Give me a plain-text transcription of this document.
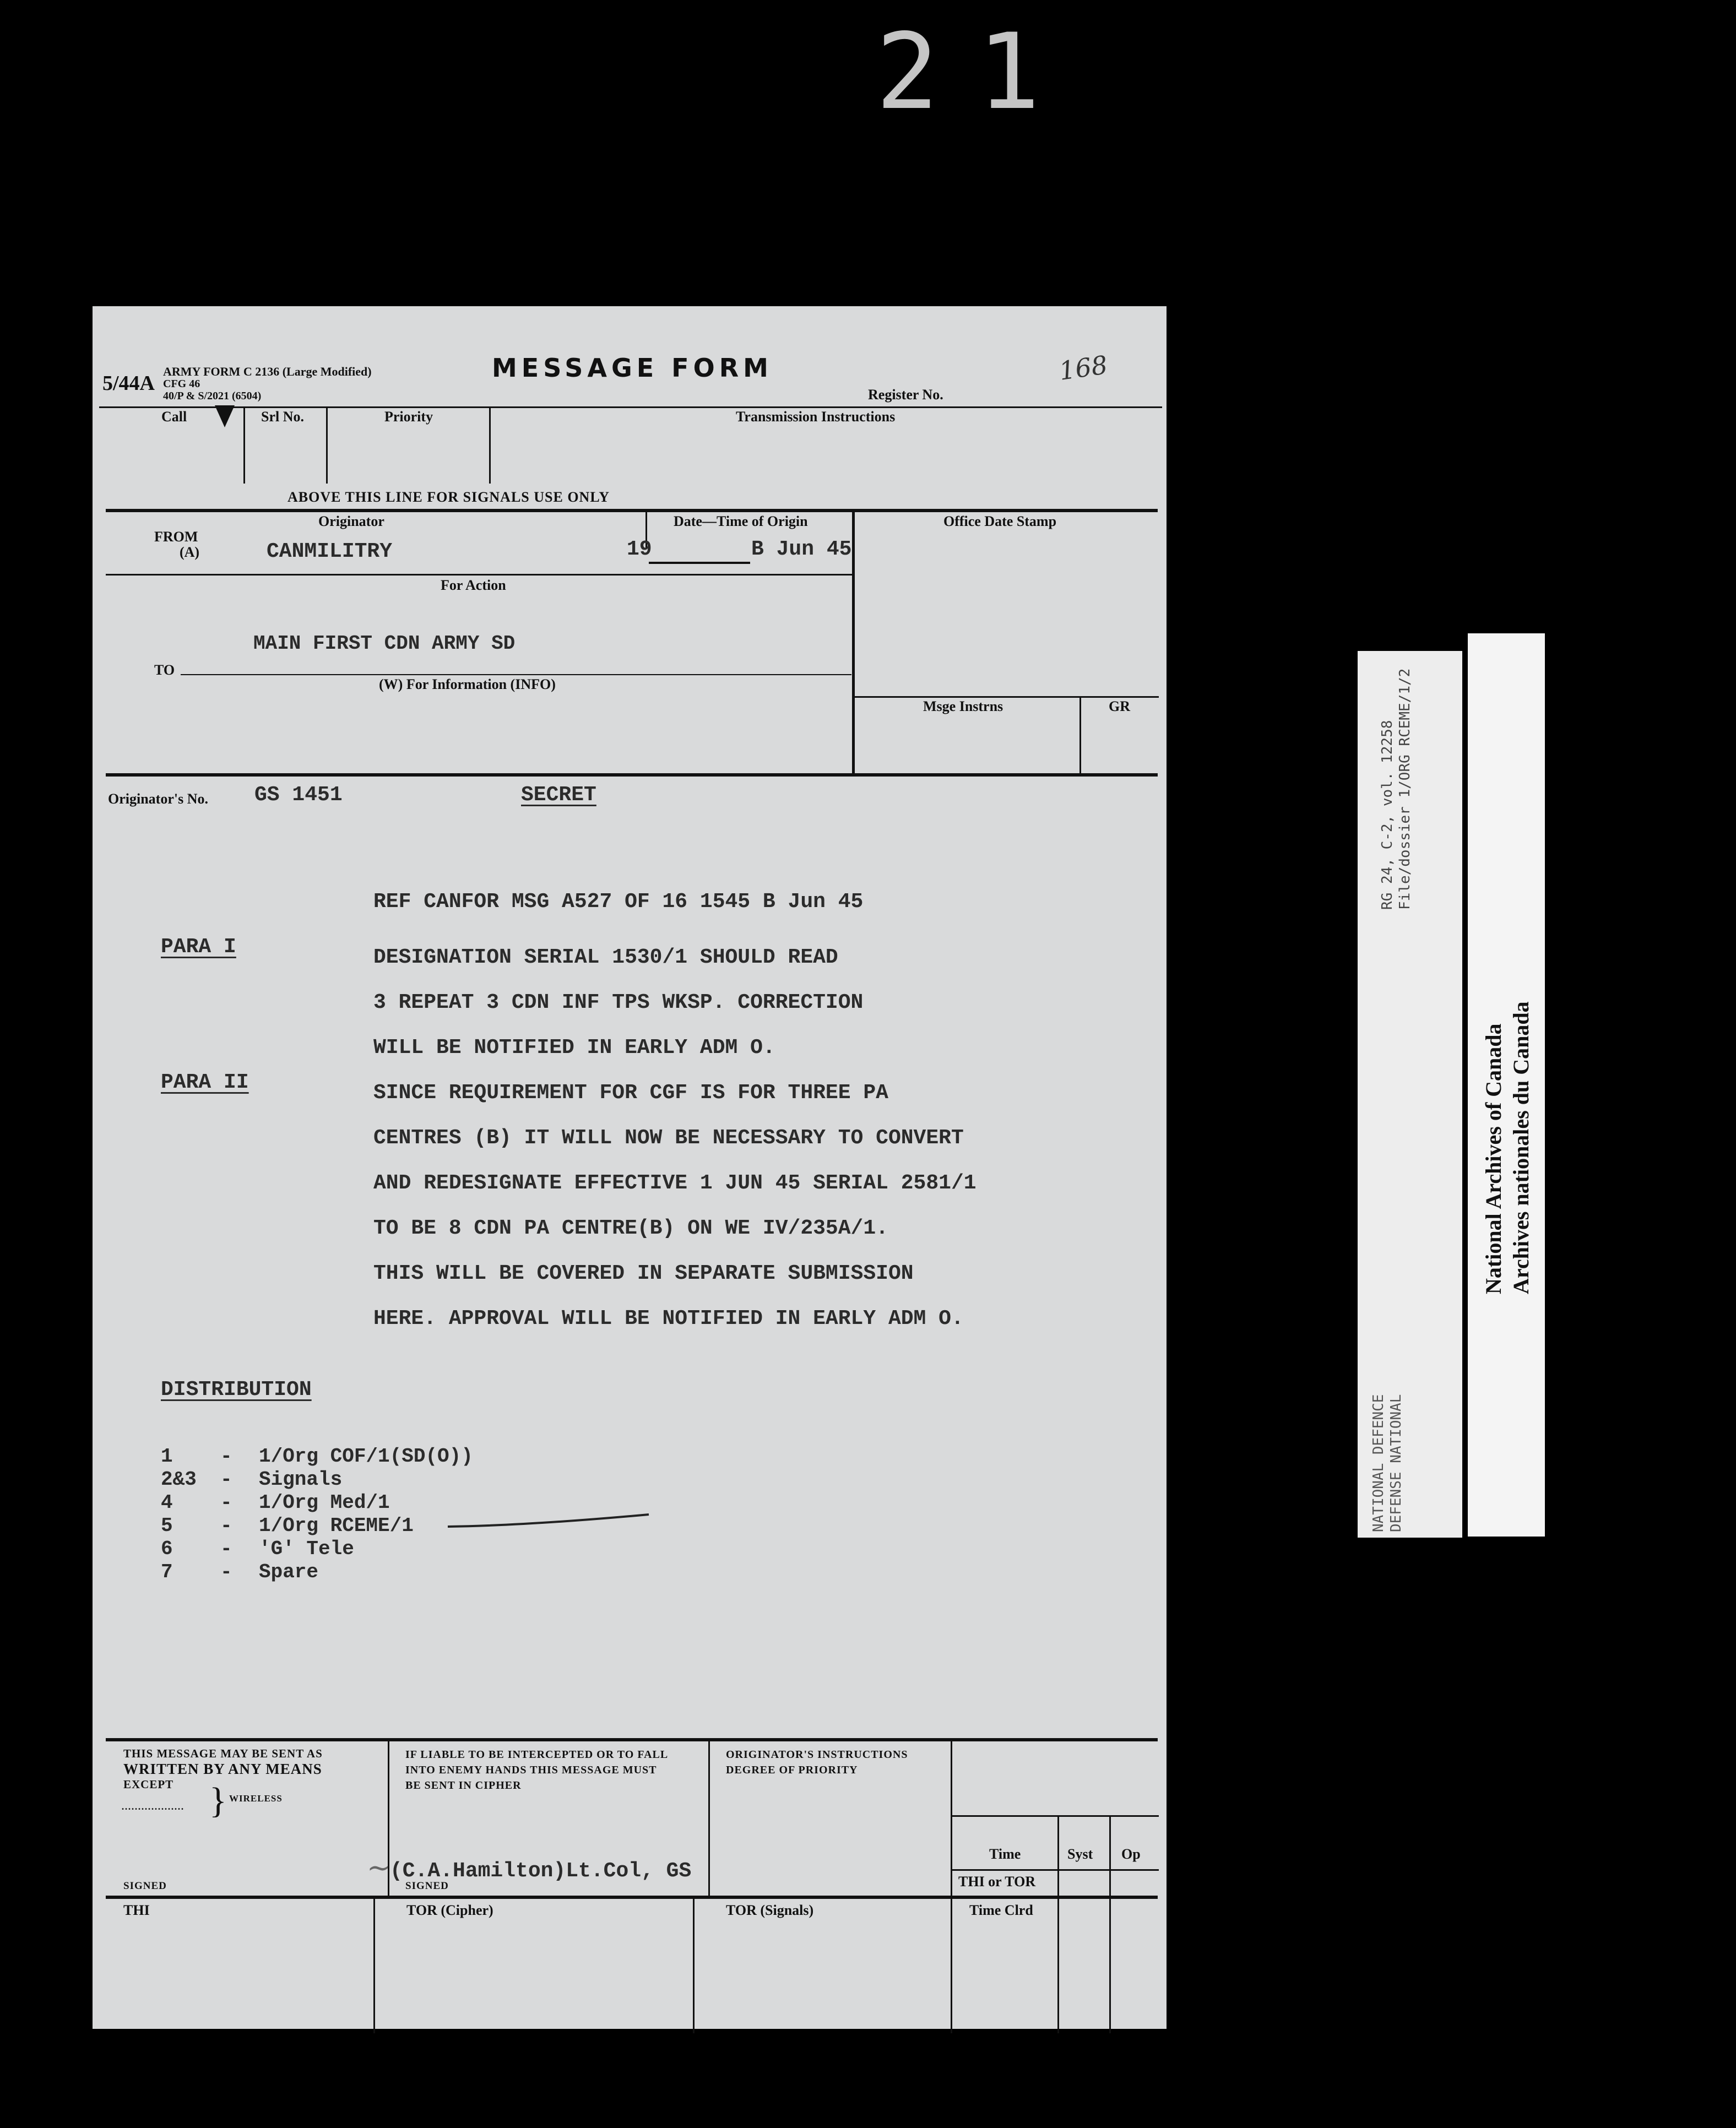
21
5/44A
ARMY FORM C 2136 (Large Modified)
CFG 46
40/P & S/2021 (6504)
MESSAGE FORM	168
Register No.
Call	Srl No.	Priority	Transmission Instructions
ABOVE THIS LINE FOR SIGNALS USE ONLY
FROM
(A)
Originator
CANMILITRY
Date—Time of Origin
19	B Jun 45
Office Date Stamp
For Action
MAIN FIRST CDN ARMY SD
TO
(W) For Information (INFO)
Msge Instrns	GR
Originator's No. GS 1451	SECRET
REF CANFOR MSG A527 OF 16 1545 B Jun 45
PARA I	DESIGNATION SERIAL 1530/1 SHOULD READ
3 REPEAT 3 CDN INF TPS WKSP. CORRECTION
WILL BE NOTIFIED IN EARLY ADM O.
PARA II	SINCE REQUIREMENT FOR CGF IS FOR THREE PA
CENTRES (B) IT WILL NOW BE NECESSARY TO CONVERT
AND REDESIGNATE EFFECTIVE 1 JUN 45 SERIAL 2581/1
TO BE 8 CDN PA CENTRE(B) ON WE IV/235A/1.
THIS WILL BE COVERED IN SEPARATE SUBMISSION
HERE. APPROVAL WILL BE NOTIFIED IN EARLY ADM O.
DISTRIBUTION
1 - 1/Org COF/1(SD(O))
2&3 - Signals
4 - 1/Org Med/1
5 - 1/Org RCEME/1
6 - 'G' Tele
7 - Spare
THIS MESSAGE MAY BE SENT AS
WRITTEN BY ANY MEANS
EXCEPT
................... } WIRELESS
SIGNED
IF LIABLE TO BE INTERCEPTED OR TO FALL
INTO ENEMY HANDS THIS MESSAGE MUST
BE SENT IN CIPHER
~
(C.A.Hamilton)Lt.Col, GS
SIGNED
ORIGINATOR'S INSTRUCTIONS
DEGREE OF PRIORITY
Time	Syst Op
THI or TOR
THI	TOR (Cipher)	TOR (Signals)	Time Clrd
RG 24, C-2, vol. 12258 File/dossier 1/ORG RCEME/1/2
NATIONAL DEFENCE DEFENSE NATIONAL
National Archives of Canada Archives nationales du Canada
